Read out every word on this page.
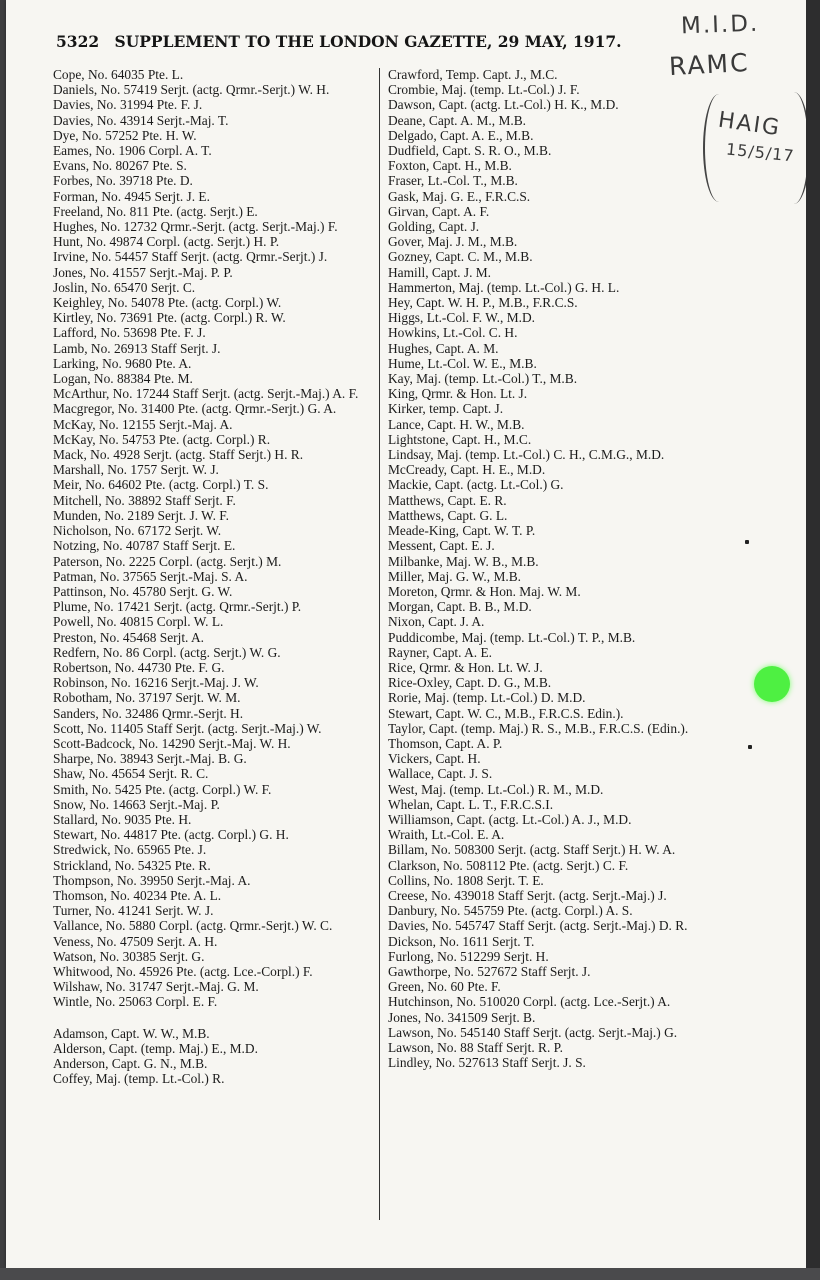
5322 SUPPLEMENT TO THE LONDON GAZETTE, 29 MAY, 1917.
M.I.D.
RAMC
HAIG
15/5/17

Cope, No. 64035 Pte. L.

Daniels, No. 57419 Serjt. (actg. Qrmr.-Serjt.) W. H.

Davies, No. 31994 Pte. F. J.

Davies, No. 43914 Serjt.-Maj. T.

Dye, No. 57252 Pte. H. W.

Eames, No. 1906 Corpl. A. T.

Evans, No. 80267 Pte. S.

Forbes, No. 39718 Pte. D.

Forman, No. 4945 Serjt. J. E.

Freeland, No. 811 Pte. (actg. Serjt.) E.

Hughes, No. 12732 Qrmr.-Serjt. (actg. Serjt.-Maj.) F.

Hunt, No. 49874 Corpl. (actg. Serjt.) H. P.

Irvine, No. 54457 Staff Serjt. (actg. Qrmr.-Serjt.) J.

Jones, No. 41557 Serjt.-Maj. P. P.

Joslin, No. 65470 Serjt. C.

Keighley, No. 54078 Pte. (actg. Corpl.) W.

Kirtley, No. 73691 Pte. (actg. Corpl.) R. W.

Lafford, No. 53698 Pte. F. J.

Lamb, No. 26913 Staff Serjt. J.

Larking, No. 9680 Pte. A.

Logan, No. 88384 Pte. M.

McArthur, No. 17244 Staff Serjt. (actg. Serjt.-Maj.) A. F.

Macgregor, No. 31400 Pte. (actg. Qrmr.-Serjt.) G. A.

McKay, No. 12155 Serjt.-Maj. A.

McKay, No. 54753 Pte. (actg. Corpl.) R.

Mack, No. 4928 Serjt. (actg. Staff Serjt.) H. R.

Marshall, No. 1757 Serjt. W. J.

Meir, No. 64602 Pte. (actg. Corpl.) T. S.

Mitchell, No. 38892 Staff Serjt. F.

Munden, No. 2189 Serjt. J. W. F.

Nicholson, No. 67172 Serjt. W.

Notzing, No. 40787 Staff Serjt. E.

Paterson, No. 2225 Corpl. (actg. Serjt.) M.

Patman, No. 37565 Serjt.-Maj. S. A.

Pattinson, No. 45780 Serjt. G. W.

Plume, No. 17421 Serjt. (actg. Qrmr.-Serjt.) P.

Powell, No. 40815 Corpl. W. L.

Preston, No. 45468 Serjt. A.

Redfern, No. 86 Corpl. (actg. Serjt.) W. G.

Robertson, No. 44730 Pte. F. G.

Robinson, No. 16216 Serjt.-Maj. J. W.

Robotham, No. 37197 Serjt. W. M.

Sanders, No. 32486 Qrmr.-Serjt. H.

Scott, No. 11405 Staff Serjt. (actg. Serjt.-Maj.) W.

Scott-Badcock, No. 14290 Serjt.-Maj. W. H.

Sharpe, No. 38943 Serjt.-Maj. B. G.

Shaw, No. 45654 Serjt. R. C.

Smith, No. 5425 Pte. (actg. Corpl.) W. F.

Snow, No. 14663 Serjt.-Maj. P.

Stallard, No. 9035 Pte. H.

Stewart, No. 44817 Pte. (actg. Corpl.) G. H.

Stredwick, No. 65965 Pte. J.

Strickland, No. 54325 Pte. R.

Thompson, No. 39950 Serjt.-Maj. A.

Thomson, No. 40234 Pte. A. L.

Turner, No. 41241 Serjt. W. J.

Vallance, No. 5880 Corpl. (actg. Qrmr.-Serjt.) W. C.

Veness, No. 47509 Serjt. A. H.

Watson, No. 30385 Serjt. G.

Whitwood, No. 45926 Pte. (actg. Lce.-Corpl.) F.

Wilshaw, No. 31747 Serjt.-Maj. G. M.

Wintle, No. 25063 Corpl. E. F.

Adamson, Capt. W. W., M.B.

Alderson, Capt. (temp. Maj.) E., M.D.

Anderson, Capt. G. N., M.B.

Coffey, Maj. (temp. Lt.-Col.) R.

Crawford, Temp. Capt. J., M.C.

Crombie, Maj. (temp. Lt.-Col.) J. F.

Dawson, Capt. (actg. Lt.-Col.) H. K., M.D.

Deane, Capt. A. M., M.B.

Delgado, Capt. A. E., M.B.

Dudfield, Capt. S. R. O., M.B.

Foxton, Capt. H., M.B.

Fraser, Lt.-Col. T., M.B.

Gask, Maj. G. E., F.R.C.S.

Girvan, Capt. A. F.

Golding, Capt. J.

Gover, Maj. J. M., M.B.

Gozney, Capt. C. M., M.B.

Hamill, Capt. J. M.

Hammerton, Maj. (temp. Lt.-Col.) G. H. L.

Hey, Capt. W. H. P., M.B., F.R.C.S.

Higgs, Lt.-Col. F. W., M.D.

Howkins, Lt.-Col. C. H.

Hughes, Capt. A. M.

Hume, Lt.-Col. W. E., M.B.

Kay, Maj. (temp. Lt.-Col.) T., M.B.

King, Qrmr. & Hon. Lt. J.

Kirker, temp. Capt. J.

Lance, Capt. H. W., M.B.

Lightstone, Capt. H., M.C.

Lindsay, Maj. (temp. Lt.-Col.) C. H., C.M.G., M.D.

McCready, Capt. H. E., M.D.

Mackie, Capt. (actg. Lt.-Col.) G.

Matthews, Capt. E. R.

Matthews, Capt. G. L.

Meade-King, Capt. W. T. P.

Messent, Capt. E. J.

Milbanke, Maj. W. B., M.B.

Miller, Maj. G. W., M.B.

Moreton, Qrmr. & Hon. Maj. W. M.

Morgan, Capt. B. B., M.D.

Nixon, Capt. J. A.

Puddicombe, Maj. (temp. Lt.-Col.) T. P., M.B.

Rayner, Capt. A. E.

Rice, Qrmr. & Hon. Lt. W. J.

Rice-Oxley, Capt. D. G., M.B.

Rorie, Maj. (temp. Lt.-Col.) D. M.D.

Stewart, Capt. W. C., M.B., F.R.C.S. Edin.).

Taylor, Capt. (temp. Maj.) R. S., M.B., F.R.C.S. (Edin.).

Thomson, Capt. A. P.

Vickers, Capt. H.

Wallace, Capt. J. S.

West, Maj. (temp. Lt.-Col.) R. M., M.D.

Whelan, Capt. L. T., F.R.C.S.I.

Williamson, Capt. (actg. Lt.-Col.) A. J., M.D.

Wraith, Lt.-Col. E. A.

Billam, No. 508300 Serjt. (actg. Staff Serjt.) H. W. A.

Clarkson, No. 508112 Pte. (actg. Serjt.) C. F.

Collins, No. 1808 Serjt. T. E.

Creese, No. 439018 Staff Serjt. (actg. Serjt.-Maj.) J.

Danbury, No. 545759 Pte. (actg. Corpl.) A. S.

Davies, No. 545747 Staff Serjt. (actg. Serjt.-Maj.) D. R.

Dickson, No. 1611 Serjt. T.

Furlong, No. 512299 Serjt. H.

Gawthorpe, No. 527672 Staff Serjt. J.

Green, No. 60 Pte. F.

Hutchinson, No. 510020 Corpl. (actg. Lce.-Serjt.) A.

Jones, No. 341509 Serjt. B.

Lawson, No. 545140 Staff Serjt. (actg. Serjt.-Maj.) G.

Lawson, No. 88 Staff Serjt. R. P.

Lindley, No. 527613 Staff Serjt. J. S.
